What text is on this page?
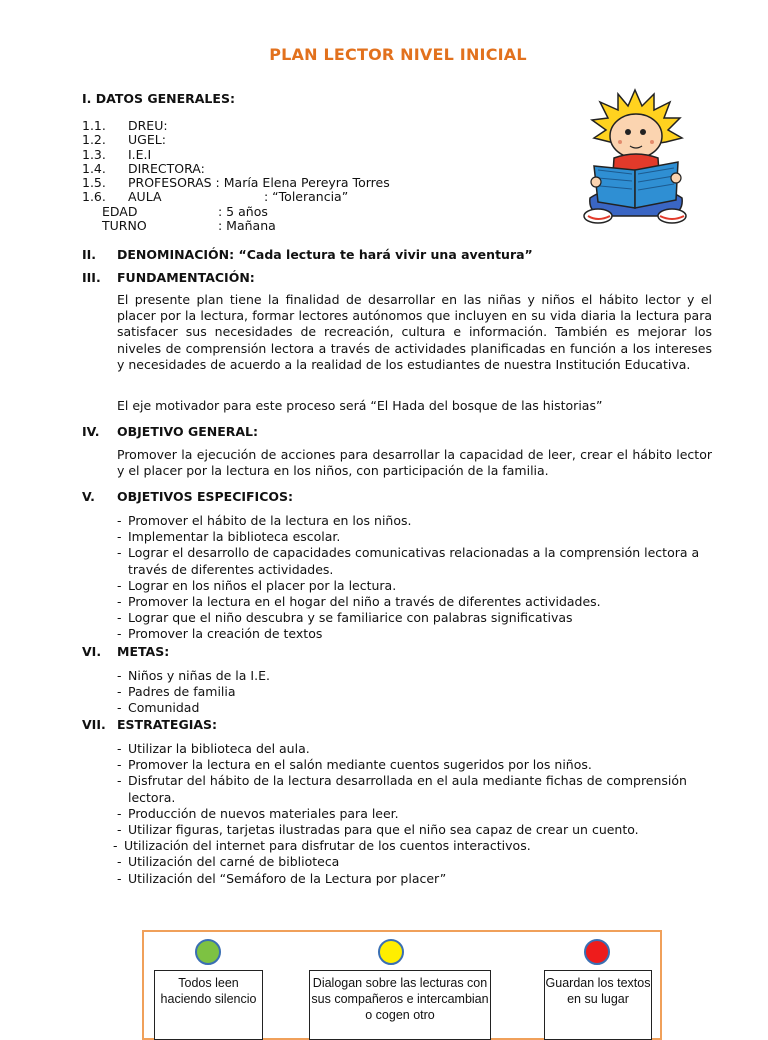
PLAN LECTOR NIVEL INICIAL
I. DATOS GENERALES:
1.1. DREU:
1.2. UGEL:
1.3. I.E.I
1.4. DIRECTORA:
1.5. PROFESORAS : María Elena Pereyra Torres
1.6. AULA	: “Tolerancia”
EDAD	: 5 años
TURNO	: Mañana
II.	DENOMINACIÓN: “Cada lectura te hará vivir una aventura”
III.	FUNDAMENTACIÓN:
El presente plan tiene la finalidad de desarrollar en las niñas y niños el hábito lector y el placer por la lectura, formar lectores autónomos que incluyen en su vida diaria la lectura para satisfacer sus necesidades de recreación, cultura e información. También es mejorar los niveles de comprensión lectora a través de actividades planificadas en función a los intereses y necesidades de acuerdo a la realidad de los estudiantes de nuestra Institución Educativa.
El eje motivador para este proceso será “El Hada del bosque de las historias”
IV.	OBJETIVO GENERAL:
Promover la ejecución de acciones para desarrollar la capacidad de leer, crear el hábito lector y el placer por la lectura en los niños, con participación de la familia.
V.	OBJETIVOS ESPECIFICOS:
- Promover el hábito de la lectura en los niños.
- Implementar la biblioteca escolar.
- Lograr el desarrollo de capacidades comunicativas relacionadas a la comprensión lectora a través de diferentes actividades.
- Lograr en los niños el placer por la lectura.
- Promover la lectura en el hogar del niño a través de diferentes actividades.
- Lograr que el niño descubra y se familiarice con palabras significativas
- Promover la creación de textos
VI.	METAS:
- Niños y niñas de la I.E.
- Padres de familia
- Comunidad
VII. ESTRATEGIAS:
- Utilizar la biblioteca del aula.
- Promover la lectura en el salón mediante cuentos sugeridos por los niños.
- Disfrutar del hábito de la lectura desarrollada en el aula mediante fichas de comprensión lectora.
- Producción de nuevos materiales para leer.
- Utilizar figuras, tarjetas ilustradas para que el niño sea capaz de crear un cuento.
- Utilización del internet para disfrutar de los cuentos interactivos.
- Utilización del carné de biblioteca
- Utilización del “Semáforo de la Lectura por placer”
Todos leen haciendo silencio
Dialogan sobre las lecturas con sus compañeros e intercambian o cogen otro
Guardan los textos en su lugar
